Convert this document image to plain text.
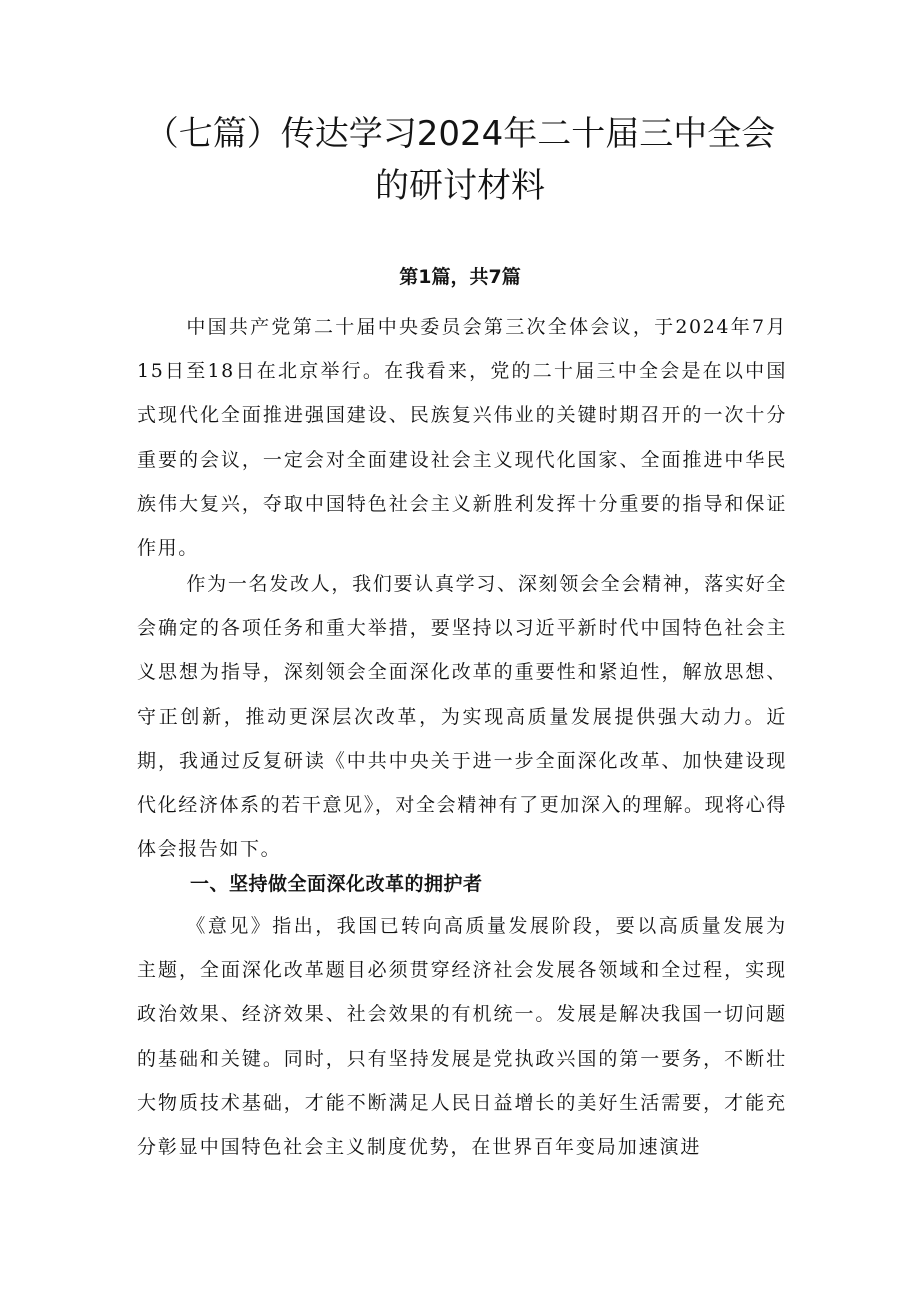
（七篇）传达学习2024年二十届三中全会
的研讨材料
第1篇，共7篇

中国共产党第二十届中央委员会第三次全体会议，于2024年7月15日至18日在北京举行。在我看来，党的二十届三中全会是在以中国式现代化全面推进强国建设、民族复兴伟业的关键时期召开的一次十分重要的会议，一定会对全面建设社会主义现代化国家、全面推进中华民族伟大复兴，夺取中国特色社会主义新胜利发挥十分重要的指导和保证作用。

作为一名发改人，我们要认真学习、深刻领会全会精神，落实好全会确定的各项任务和重大举措，要坚持以习近平新时代中国特色社会主义思想为指导，深刻领会全面深化改革的重要性和紧迫性，解放思想、守正创新，推动更深层次改革，为实现高质量发展提供强大动力。近期，我通过反复研读《中共中央关于进一步全面深化改革、加快建设现代化经济体系的若干意见》，对全会精神有了更加深入的理解。现将心得体会报告如下。

一、坚持做全面深化改革的拥护者

《意见》指出，我国已转向高质量发展阶段，要以高质量发展为主题，全面深化改革题目必须贯穿经济社会发展各领域和全过程，实现政治效果、经济效果、社会效果的有机统一。发展是解决我国一切问题的基础和关键。同时，只有坚持发展是党执政兴国的第一要务，不断壮大物质技术基础，才能不断满足人民日益增长的美好生活需要，才能充分彰显中国特色社会主义制度优势，在世界百年变局加速演进
